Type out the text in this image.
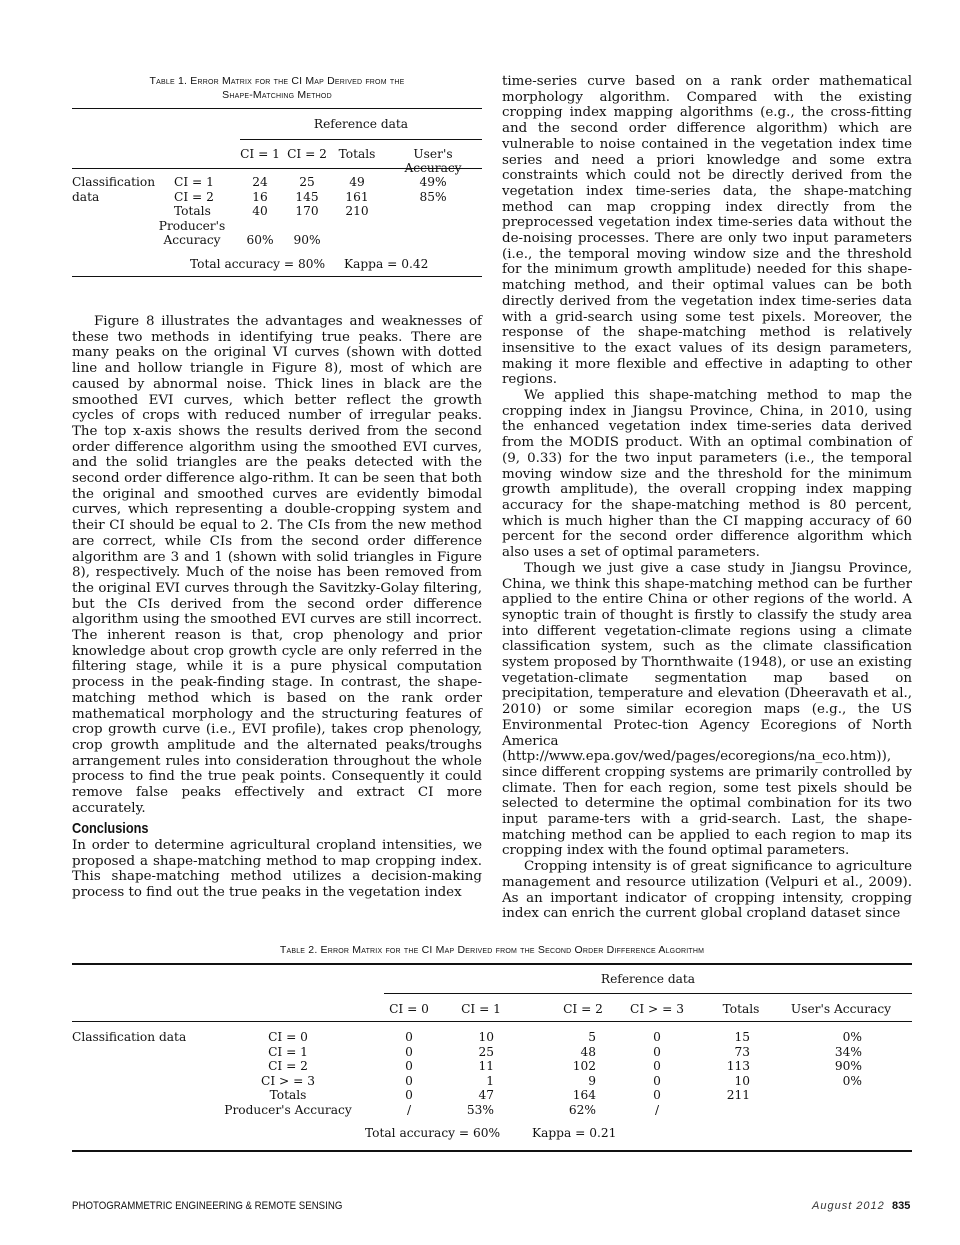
Table 1. Error Matrix for the CI Map Derived from the
Shape-Matching Method
Reference data
CI = 1 CI = 2 Totals	User's Accuracy
Classification
data
CI = 1	24	25	49	49%
CI = 2	16	145	161	85%
Totals	40	170	210
Producer's
Accuracy	60%	90%
Total accuracy = 80% Kappa = 0.42

Figure 8 illustrates the advantages and weaknesses of these two methods in identifying true peaks. There are many peaks on the original VI curves (shown with dotted line and hollow triangle in Figure 8), most of which are caused by abnormal noise. Thick lines in black are the smoothed EVI curves, which better reflect the growth cycles of crops with reduced number of irregular peaks. The top x-axis shows the results derived from the second order difference algorithm using the smoothed EVI curves, and the solid triangles are the peaks detected with the second order difference algo-rithm. It can be seen that both the original and smoothed curves are evidently bimodal curves, which representing a double-cropping system and their CI should be equal to 2. The CIs from the new method are correct, while CIs from the second order difference algorithm are 3 and 1 (shown with solid triangles in Figure 8), respectively. Much of the noise has been removed from the original EVI curves through the Savitzky-Golay filtering, but the CIs derived from the second order difference algorithm using the smoothed EVI curves are still incorrect. The inherent reason is that, crop phenology and prior knowledge about crop growth cycle are only referred in the filtering stage, while it is a pure physical computation process in the peak-finding stage. In contrast, the shape-matching method which is based on the rank order mathematical morphology and the structuring features of crop growth curve (i.e., EVI profile), takes crop phenology, crop growth amplitude and the alternated peaks/troughs arrangement rules into consideration throughout the whole process to find the true peak points. Consequently it could remove false peaks effectively and extract CI more accurately.

Conclusions

In order to determine agricultural cropland intensities, we proposed a shape-matching method to map cropping index. This shape-matching method utilizes a decision-making process to find out the true peaks in the vegetation index

time-series curve based on a rank order mathematical morphology algorithm. Compared with the existing cropping index mapping algorithms (e.g., the cross-fitting and the second order difference algorithm) which are vulnerable to noise contained in the vegetation index time series and need a priori knowledge and some extra constraints which could not be directly derived from the vegetation index time-series data, the shape-matching method can map cropping index directly from the preprocessed vegetation index time-series data without the de-noising processes. There are only two input parameters (i.e., the temporal moving window size and the threshold for the minimum growth amplitude) needed for this shape-matching method, and their optimal values can be both directly derived from the vegetation index time-series data with a grid-search using some test pixels. Moreover, the response of the shape-matching method is relatively insensitive to the exact values of its design parameters, making it more flexible and effective in adapting to other regions.

We applied this shape-matching method to map the cropping index in Jiangsu Province, China, in 2010, using the enhanced vegetation index time-series data derived from the MODIS product. With an optimal combination of (9, 0.33) for the two input parameters (i.e., the temporal moving window size and the threshold for the minimum growth amplitude), the overall cropping index mapping accuracy for the shape-matching method is 80 percent, which is much higher than the CI mapping accuracy of 60 percent for the second order difference algorithm which also uses a set of optimal parameters.

Though we just give a case study in Jiangsu Province, China, we think this shape-matching method can be further applied to the entire China or other regions of the world. A synoptic train of thought is firstly to classify the study area into different vegetation-climate regions using a climate classification system, such as the climate classification system proposed by Thornthwaite (1948), or use an existing vegetation-climate segmentation map based on precipitation, temperature and elevation (Dheeravath et al., 2010) or some similar ecoregion maps (e.g., the US Environmental Protec-tion Agency Ecoregions of North America (http://www.epa.gov/wed/pages/ecoregions/na_eco.htm)), since different cropping systems are primarily controlled by climate. Then for each region, some test pixels should be selected to determine the optimal combination for its two input parame-ters with a grid-search. Last, the shape-matching method can be applied to each region to map its cropping index with the found optimal parameters.

Cropping intensity is of great significance to agriculture management and resource utilization (Velpuri et al., 2009). As an important indicator of cropping intensity, cropping index can enrich the current global cropland dataset since

Table 2. Error Matrix for the CI Map Derived from the Second Order Difference Algorithm
Reference data
CI = 0	CI = 1	CI = 2	CI > = 3	Totals	User's Accuracy
Classification data	CI = 0	0	10	5	0	15	0%
CI = 1	0	25	48	0	73	34%
CI = 2	0	11	102	0	113	90%
CI > = 3	0	1	9	0	10	0%
Totals	0	47	164	0	211
Producer's Accuracy	/	53%	62%	/
Total accuracy = 60%	Kappa = 0.21
PHOTOGRAMMETRIC ENGINEERING & REMOTE SENSING	August 2012 835
